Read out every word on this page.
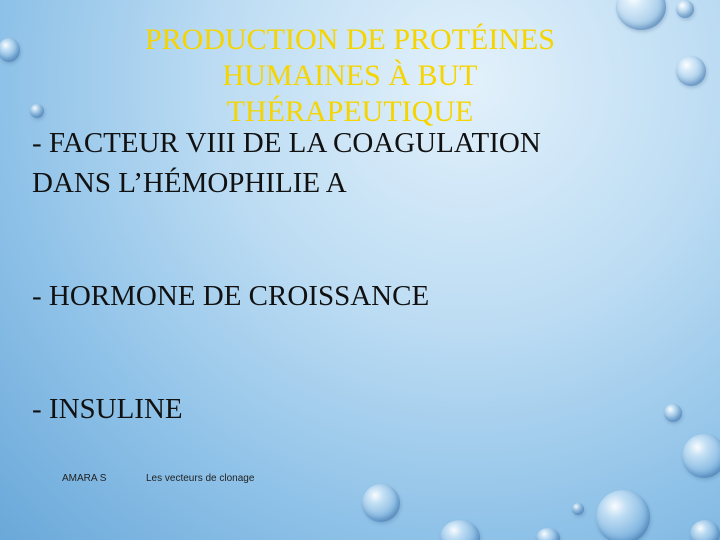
PRODUCTION DE PROTÉINES
HUMAINES À BUT
THÉRAPEUTIQUE
- FACTEUR VIII DE LA COAGULATION
DANS L’HÉMOPHILIE A
- HORMONE DE CROISSANCE
- INSULINE
AMARA S	Les vecteurs de clonage
